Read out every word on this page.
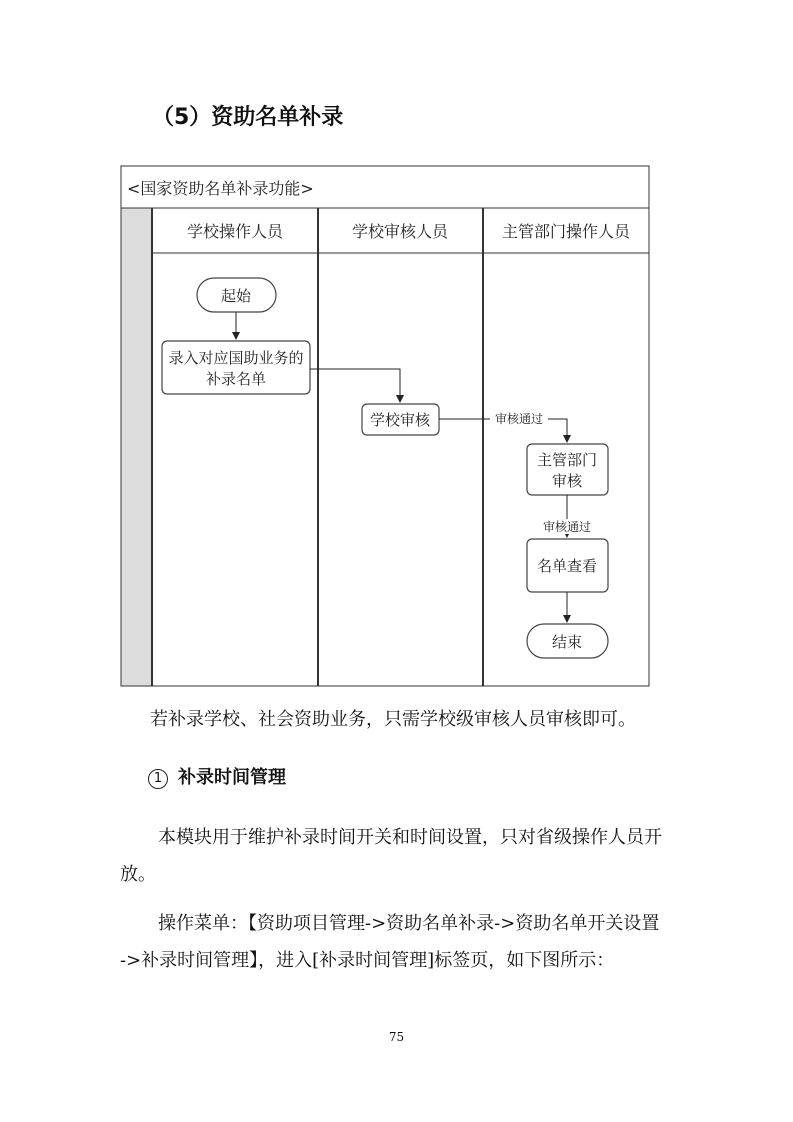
（5）资助名单补录
<国家资助名单补录功能>
学校操作人员	学校审核人员	主管部门操作人员
起始
录入对应国助业务的
补录名单
学校审核	审核通过
主管部门
审核
审核通过
名单查看
结束
若补录学校、社会资助业务，只需学校级审核人员审核即可。
1 补录时间管理
本模块用于维护补录时间开关和时间设置，只对省级操作人员开
放。
操作菜单：【资助项目管理->资助名单补录->资助名单开关设置
->补录时间管理】，进入[补录时间管理]标签页，如下图所示：
75
